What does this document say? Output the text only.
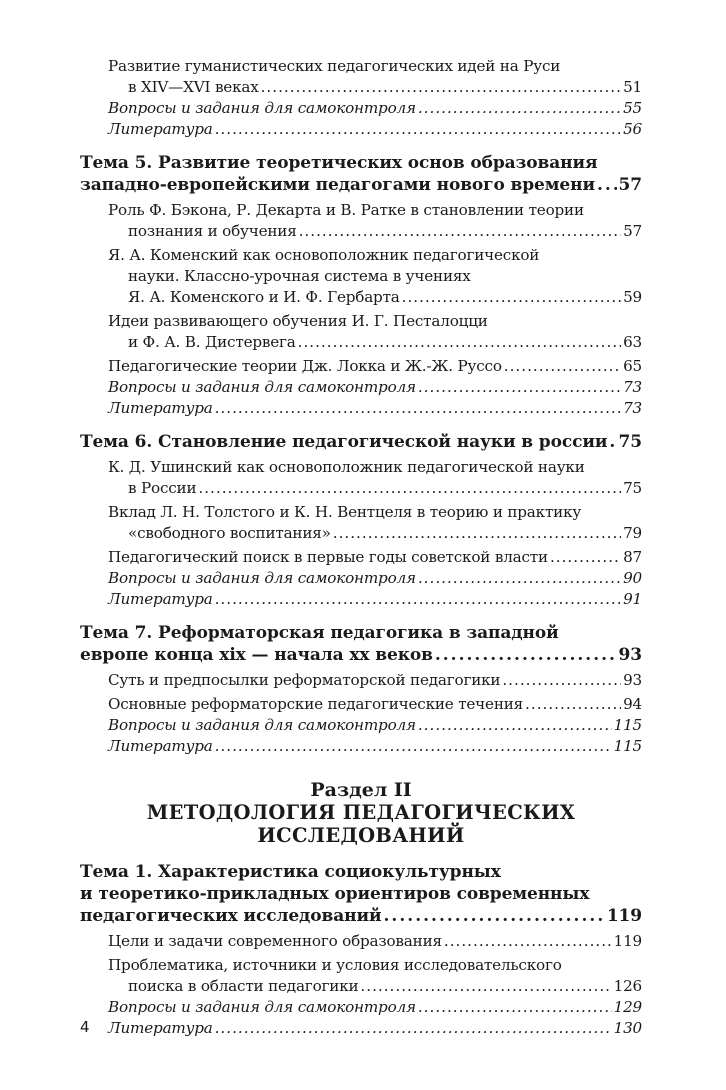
Развитие гуманистических педагогических идей на Руси
в XIV—XVI веках .....	51
Вопросы и задания для самоконтроля .....	55
Литература .....	56
Тема 5. Развитие теоретических основ образования
западно-европейскими педагогами нового времени ..... 57
Роль Ф. Бэкона, Р. Декарта и В. Ратке в становлении теории
познания и обучения .....	57
Я. А. Коменский как основоположник педагогической
науки. Классно-урочная система в учениях
Я. А. Коменского и И. Ф. Гербарта .....	59
Идеи развивающего обучения И. Г. Песталоцци
и Ф. А. В. Дистервега .....	63
Педагогические теории Дж. Локка и Ж.-Ж. Руссо .....	65
Вопросы и задания для самоконтроля .....	73
Литература .....	73
Тема 6. Становление педагогической науки в россии ..... 75
К. Д. Ушинский как основоположник педагогической науки
в России .....	75
Вклад Л. Н. Толстого и К. Н. Вентцеля в теорию и практику
«свободного воспитания» .....	79
Педагогический поиск в первые годы советской власти .....	87
Вопросы и задания для самоконтроля .....	90
Литература .....	91
Тема 7. Реформаторская педагогика в западной
европе конца xix — начала xx веков .....	93
Суть и предпосылки реформаторской педагогики .....	93
Основные реформаторские педагогические течения .....	94
Вопросы и задания для самоконтроля .....	115
Литература .....	115
Раздел II
МЕТОДОЛОГИЯ ПЕДАГОГИЧЕСКИХ
ИССЛЕДОВАНИЙ
Тема 1. Характеристика социокультурных
и теоретико-прикладных ориентиров современных
педагогических исследований .....	119
Цели и задачи современного образования .....	119
Проблематика, источники и условия исследовательского
поиска в области педагогики .....	126
Вопросы и задания для самоконтроля .....	129
Литература .....	130
4
